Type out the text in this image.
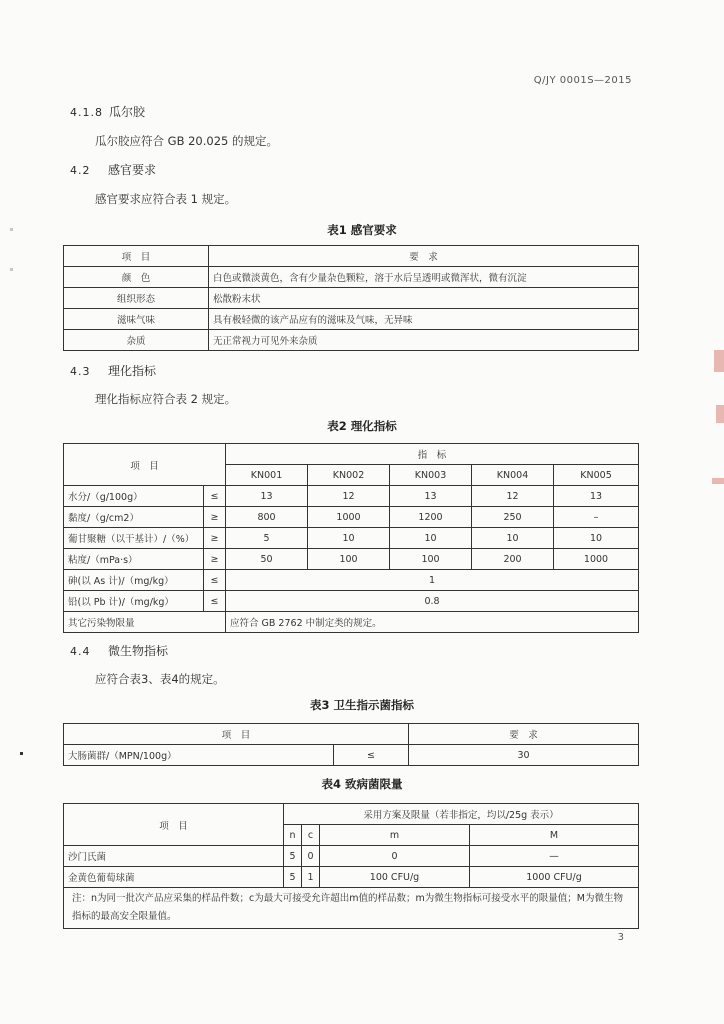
Q/JY 0001S—2015
4.1.8 瓜尔胶
瓜尔胶应符合 GB 20.025 的规定。
4.2 感官要求
感官要求应符合表 1 规定。
表1 感官要求
项　目	要　求
颜　色	白色或微淡黄色，含有少量杂色颗粒，溶于水后呈透明或微浑状，微有沉淀
组织形态	松散粉末状
滋味气味	具有极轻微的该产品应有的滋味及气味，无异味
杂质	无正常视力可见外来杂质
4.3 理化指标
理化指标应符合表 2 规定。
表2 理化指标
项　目		指　标				
		KN001	KN002	KN003	KN004	KN005
水分/（g/100g）	≤	13	12	13	12	13
黏度/（g/cm2）	≥	800	1000	1200	250	–
葡甘聚糖（以干基计）/（%）	≥	5	10	10	10	10
粘度/（mPa·s）	≥	50	100	100	200	1000
砷(以 As 计)/（mg/kg）	≤	1				
铅(以 Pb 计)/（mg/kg）	≤	0.8				
其它污染物限量		应符合 GB 2762 中制定类的规定。				
4.4 微生物指标
应符合表3、表4的规定。
表3 卫生指示菌指标
项　目		要　求
大肠菌群/（MPN/100g）	≤	30
表4 致病菌限量
项　目	采用方案及限量（若非指定，均以/25g 表示）			
	n	c	m	M
沙门氏菌	5	0	0	—
金黄色葡萄球菌	5	1	100 CFU/g	1000 CFU/g
注：n为同一批次产品应采集的样品件数；c为最大可接受允许超出m值的样品数；m为微生物指标可接受水平的限量值；M为微生物指标的最高安全限量值。				
3
